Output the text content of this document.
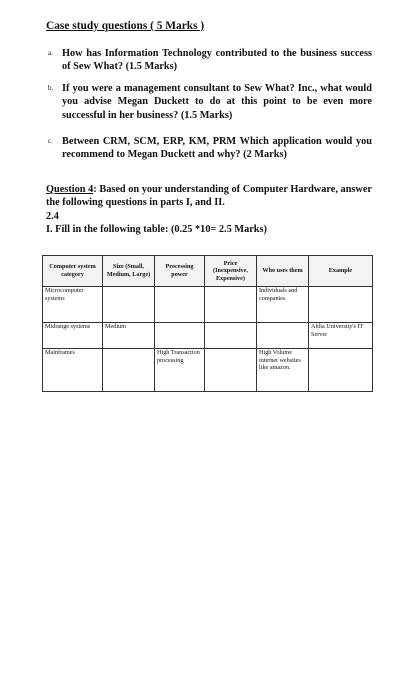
Case study questions ( 5 Marks )
a. How has Information Technology contributed to the business success of Sew What? (1.5 Marks)
b. If you were a management consultant to Sew What? Inc., what would you advise Megan Duckett to do at this point to be even more successful in her business? (1.5 Marks)
c. Between CRM, SCM, ERP, KM, PRM Which application would you recommend to Megan Duckett and why? (2 Marks)
Question 4: Based on your understanding of Computer Hardware, answer the following questions in parts I, and II.
2.4
I. Fill in the following table: (0.25 *10= 2.5 Marks)
Computer system category	Size (Small, Medium, Large)	Processing power	Price (Inexpensive, Expensive)	Who uses them	Example
Microcomputer systems				Individuals and companies	
Midrange systems	Medium				Ahlia University's IT Server
Mainframes		High Transaction processing		High Volume internet websites like amazon.	
